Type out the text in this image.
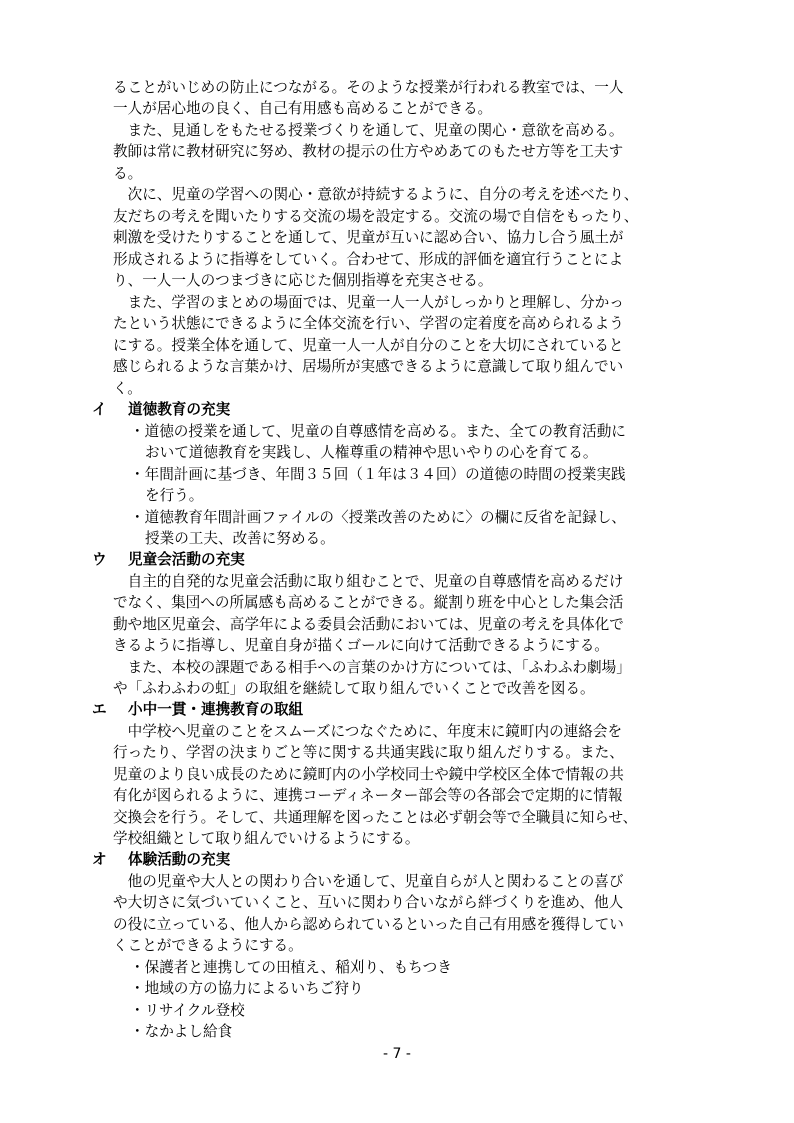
ることがいじめの防止につながる。そのような授業が行われる教室では、一人
一人が居心地の良く、自己有用感も高めることができる。
　また、見通しをもたせる授業づくりを通して、児童の関心・意欲を高める。
教師は常に教材研究に努め、教材の提示の仕方やめあてのもたせ方等を工夫す
る。
　次に、児童の学習への関心・意欲が持続するように、自分の考えを述べたり、
友だちの考えを聞いたりする交流の場を設定する。交流の場で自信をもったり、
刺激を受けたりすることを通して、児童が互いに認め合い、協力し合う風土が
形成されるように指導をしていく。合わせて、形成的評価を適宜行うことによ
り、一人一人のつまづきに応じた個別指導を充実させる。
　また、学習のまとめの場面では、児童一人一人がしっかりと理解し、分かっ
たという状態にできるように全体交流を行い、学習の定着度を高められるよう
にする。授業全体を通して、児童一人一人が自分のことを大切にされていると
感じられるような言葉かけ、居場所が実感できるように意識して取り組んでい
く。
イ 道徳教育の充実
・道徳の授業を通して、児童の自尊感情を高める。また、全ての教育活動に
おいて道徳教育を実践し、人権尊重の精神や思いやりの心を育てる。
・年間計画に基づき、年間３５回（１年は３４回）の道徳の時間の授業実践
を行う。
・道徳教育年間計画ファイルの〈授業改善のために〉の欄に反省を記録し、
授業の工夫、改善に努める。
ウ 児童会活動の充実
　自主的自発的な児童会活動に取り組むことで、児童の自尊感情を高めるだけ
でなく、集団への所属感も高めることができる。縦割り班を中心とした集会活
動や地区児童会、高学年による委員会活動においては、児童の考えを具体化で
きるように指導し、児童自身が描くゴールに向けて活動できるようにする。
　また、本校の課題である相手への言葉のかけ方については、「ふわふわ劇場」
や「ふわふわの虹」の取組を継続して取り組んでいくことで改善を図る。
エ 小中一貫・連携教育の取組
　中学校へ児童のことをスムーズにつなぐために、年度末に鏡町内の連絡会を
行ったり、学習の決まりごと等に関する共通実践に取り組んだりする。また、
児童のより良い成長のために鏡町内の小学校同士や鏡中学校区全体で情報の共
有化が図られるように、連携コーディネーター部会等の各部会で定期的に情報
交換会を行う。そして、共通理解を図ったことは必ず朝会等で全職員に知らせ、
学校組織として取り組んでいけるようにする。
オ 体験活動の充実
　他の児童や大人との関わり合いを通して、児童自らが人と関わることの喜び
や大切さに気づいていくこと、互いに関わり合いながら絆づくりを進め、他人
の役に立っている、他人から認められているといった自己有用感を獲得してい
くことができるようにする。
・保護者と連携しての田植え、稲刈り、もちつき
・地域の方の協力によるいちご狩り
・リサイクル登校
・なかよし給食
- 7 -
